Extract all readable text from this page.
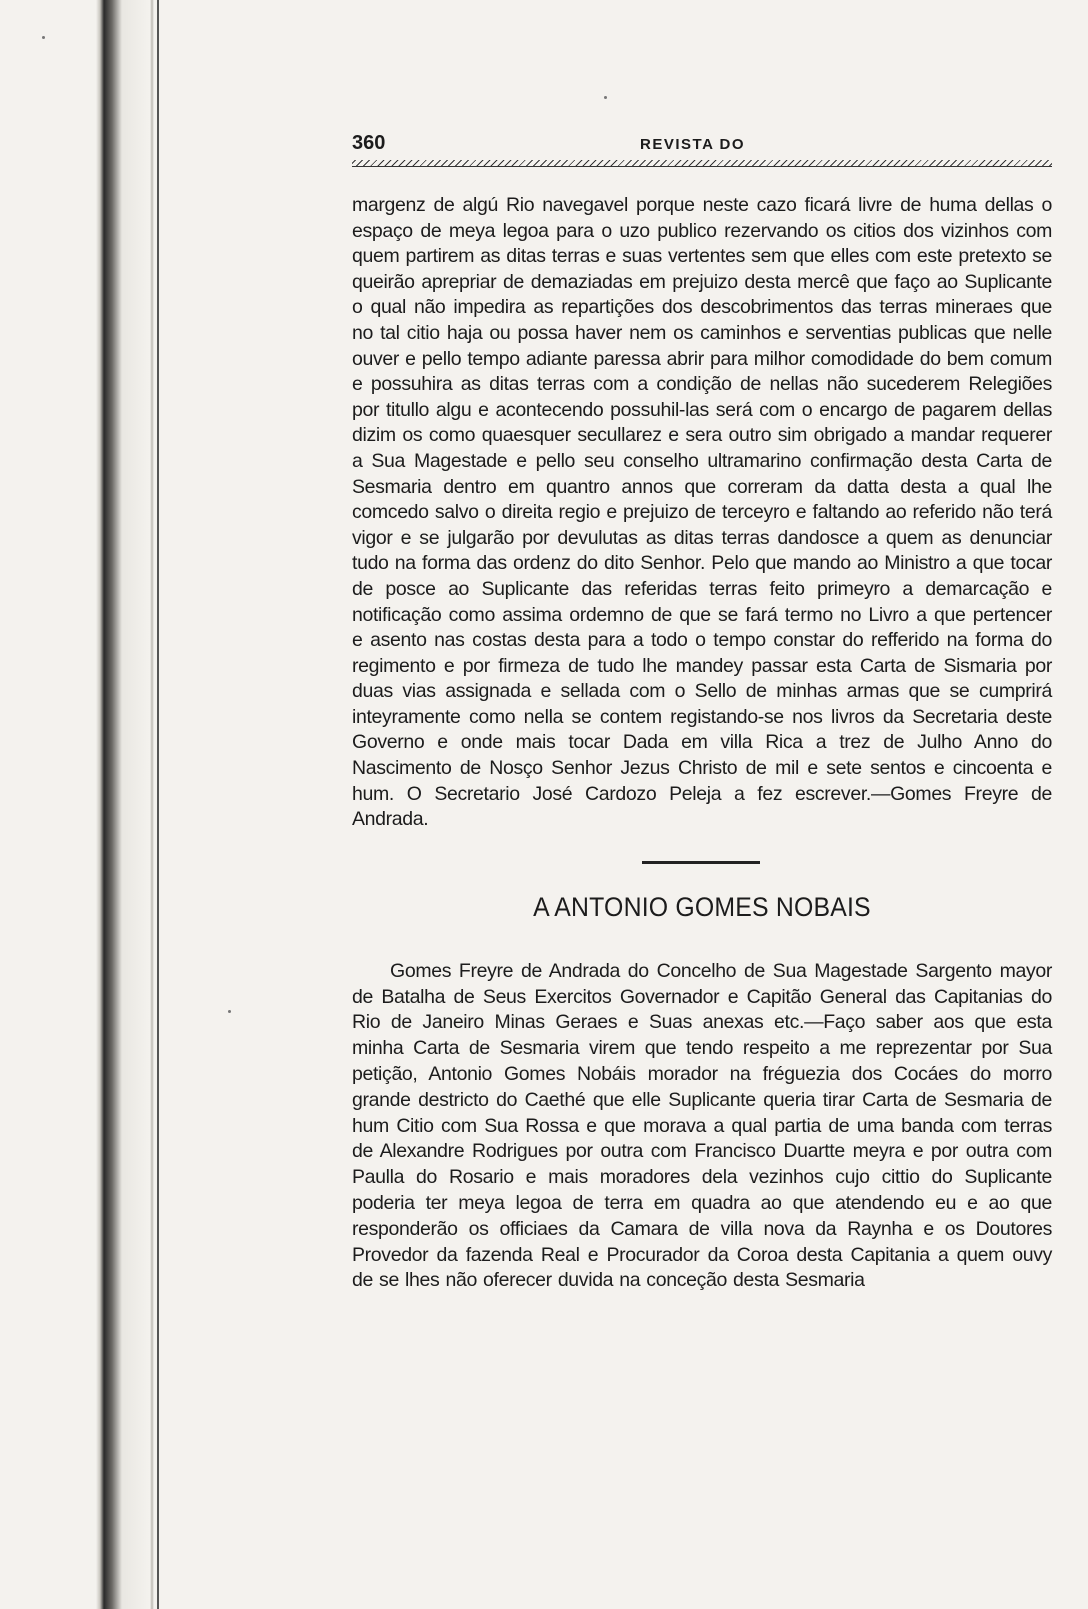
360	REVISTA DO

margenz de algú Rio navegavel porque neste cazo ficará livre de huma dellas o espaço de meya legoa para o uzo publico rezervando os citios dos vizinhos com quem partirem as ditas terras e suas vertentes sem que elles com este pretexto se queirão aprepriar de demaziadas em prejuizo desta mercê que faço ao Suplicante o qual não impedira as repartições dos descobrimentos das terras mineraes que no tal citio haja ou possa haver nem os caminhos e serventias publicas que nelle ouver e pello tempo adiante paressa abrir para milhor comodidade do bem comum e possuhira as ditas terras com a condição de nellas não sucederem Relegiões por titullo algu e acontecendo possuhil-las será com o encargo de pagarem dellas dizim os como quaesquer secullarez e sera outro sim obrigado a mandar requerer a Sua Magestade e pello seu conselho ultramarino confirmação desta Carta de Sesmaria dentro em quantro annos que correram da datta desta a qual lhe comcedo salvo o direita regio e prejuizo de terceyro e faltando ao referido não terá vigor e se julgarão por devulutas as ditas terras dandosce a quem as denunciar tudo na forma das ordenz do dito Senhor. Pelo que mando ao Ministro a que tocar de posce ao Suplicante das referidas terras feito primeyro a demarcação e notificação como assima ordemno de que se fará termo no Livro a que pertencer e asento nas costas desta para a todo o tempo constar do refferido na forma do regimento e por firmeza de tudo lhe mandey passar esta Carta de Sismaria por duas vias assignada e sellada com o Sello de minhas armas que se cumprirá inteyramente como nella se contem registando-se nos livros da Secretaria deste Governo e onde mais tocar Dada em villa Rica a trez de Julho Anno do Nascimento de Nosço Senhor Jezus Christo de mil e sete sentos e cincoenta e hum. O Secretario José Cardozo Peleja a fez escrever.—Gomes Freyre de Andrada.

A ANTONIO GOMES NOBAIS

Gomes Freyre de Andrada do Concelho de Sua Magestade Sargento mayor de Batalha de Seus Exercitos Governador e Capitão General das Capitanias do Rio de Janeiro Minas Geraes e Suas anexas etc.—Faço saber aos que esta minha Carta de Sesmaria virem que tendo respeito a me reprezentar por Sua petição, Antonio Gomes Nobáis morador na fréguezia dos Cocáes do morro grande destricto do Caethé que elle Suplicante queria tirar Carta de Sesmaria de hum Citio com Sua Rossa e que morava a qual partia de uma banda com terras de Alexandre Rodrigues por outra com Francisco Duartte meyra e por outra com Paulla do Rosario e mais moradores dela vezinhos cujo cittio do Suplicante poderia ter meya legoa de terra em quadra ao que atendendo eu e ao que responderão os officiaes da Camara de villa nova da Raynha e os Doutores Provedor da fazenda Real e Procurador da Coroa desta Capitania a quem ouvy de se lhes não oferecer duvida na conceção desta Sesmaria
